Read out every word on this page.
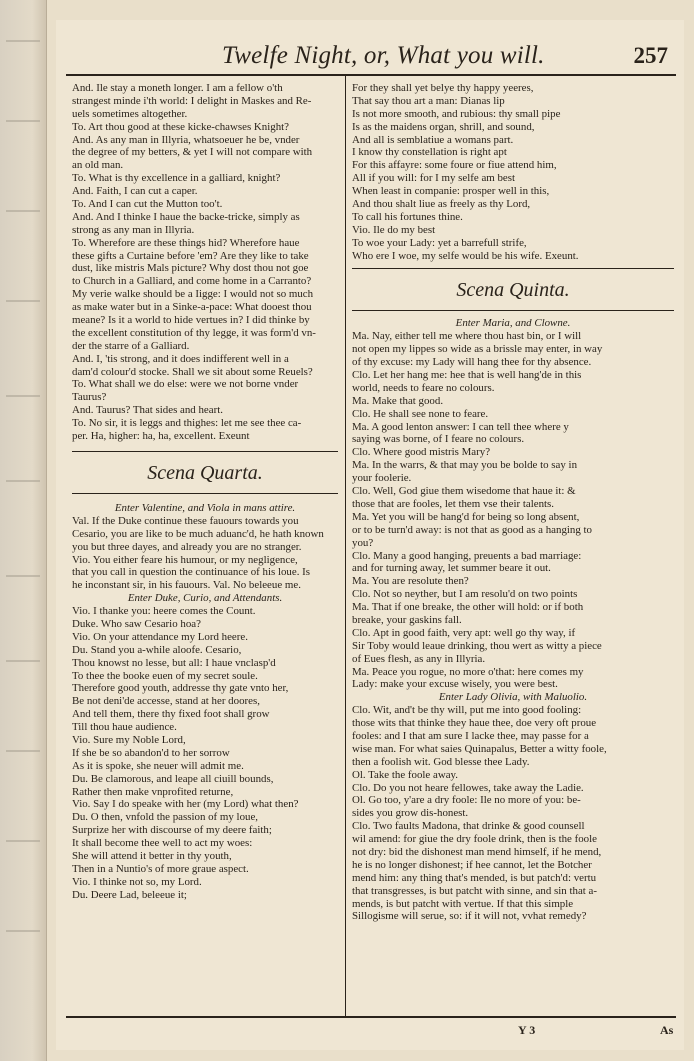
Twelfe Night, or, What you will.	257
And. Ile stay a moneth longer. I am a fellow o'th
strangest minde i'th world: I delight in Maskes and Re-
uels sometimes altogether.
To. Art thou good at these kicke-chawses Knight?
And. As any man in Illyria, whatsoeuer he be, vnder
the degree of my betters, & yet I will not compare with
an old man.
To. What is thy excellence in a galliard, knight?
And. Faith, I can cut a caper.
To. And I can cut the Mutton too't.
And. And I thinke I haue the backe-tricke, simply as
strong as any man in Illyria.
To. Wherefore are these things hid? Wherefore haue
these gifts a Curtaine before 'em? Are they like to take
dust, like mistris Mals picture? Why dost thou not goe
to Church in a Galliard, and come home in a Carranto?
My verie walke should be a Iigge: I would not so much
as make water but in a Sinke-a-pace: What dooest thou
meane? Is it a world to hide vertues in? I did thinke by
the excellent constitution of thy legge, it was form'd vn-
der the starre of a Galliard.
And. I, 'tis strong, and it does indifferent well in a
dam'd colour'd stocke. Shall we sit about some Reuels?
To. What shall we do else: were we not borne vnder
Taurus?
And. Taurus? That sides and heart.
To. No sir, it is leggs and thighes: let me see thee ca-
per. Ha, higher: ha, ha, excellent. Exeunt
Scena Quarta.
Enter Valentine, and Viola in mans attire.
Val. If the Duke continue these fauours towards you
Cesario, you are like to be much aduanc'd, he hath known
you but three dayes, and already you are no stranger.
Vio. You either feare his humour, or my negligence,
that you call in question the continuance of his loue. Is
he inconstant sir, in his fauours. Val. No beleeue me.
Enter Duke, Curio, and Attendants.
Vio. I thanke you: heere comes the Count.
Duke. Who saw Cesario hoa?
Vio. On your attendance my Lord heere.
Du. Stand you a-while aloofe. Cesario,
Thou knowst no lesse, but all: I haue vnclasp'd
To thee the booke euen of my secret soule.
Therefore good youth, addresse thy gate vnto her,
Be not deni'de accesse, stand at her doores,
And tell them, there thy fixed foot shall grow
Till thou haue audience.
Vio. Sure my Noble Lord,
If she be so abandon'd to her sorrow
As it is spoke, she neuer will admit me.
Du. Be clamorous, and leape all ciuill bounds,
Rather then make vnprofited returne,
Vio. Say I do speake with her (my Lord) what then?
Du. O then, vnfold the passion of my loue,
Surprize her with discourse of my deere faith;
It shall become thee well to act my woes:
She will attend it better in thy youth,
Then in a Nuntio's of more graue aspect.
Vio. I thinke not so, my Lord.
Du. Deere Lad, beleeue it;
For they shall yet belye thy happy yeeres,
That say thou art a man: Dianas lip
Is not more smooth, and rubious: thy small pipe
Is as the maidens organ, shrill, and sound,
And all is semblatiue a womans part.
I know thy constellation is right apt
For this affayre: some foure or fiue attend him,
All if you will: for I my selfe am best
When least in companie: prosper well in this,
And thou shalt liue as freely as thy Lord,
To call his fortunes thine.
Vio. Ile do my best
To woe your Lady: yet a barrefull strife,
Who ere I woe, my selfe would be his wife. Exeunt.
Scena Quinta.
Enter Maria, and Clowne.
Ma. Nay, either tell me where thou hast bin, or I will
not open my lippes so wide as a brissle may enter, in way
of thy excuse: my Lady will hang thee for thy absence.
Clo. Let her hang me: hee that is well hang'de in this
world, needs to feare no colours.
Ma. Make that good.
Clo. He shall see none to feare.
Ma. A good lenton answer: I can tell thee where y
saying was borne, of I feare no colours.
Clo. Where good mistris Mary?
Ma. In the warrs, & that may you be bolde to say in
your foolerie.
Clo. Well, God giue them wisedome that haue it: &
those that are fooles, let them vse their talents.
Ma. Yet you will be hang'd for being so long absent,
or to be turn'd away: is not that as good as a hanging to
you?
Clo. Many a good hanging, preuents a bad marriage:
and for turning away, let summer beare it out.
Ma. You are resolute then?
Clo. Not so neyther, but I am resolu'd on two points
Ma. That if one breake, the other will hold: or if both
breake, your gaskins fall.
Clo. Apt in good faith, very apt: well go thy way, if
Sir Toby would leaue drinking, thou wert as witty a piece
of Eues flesh, as any in Illyria.
Ma. Peace you rogue, no more o'that: here comes my
Lady: make your excuse wisely, you were best.
Enter Lady Olivia, with Maluolio.
Clo. Wit, and't be thy will, put me into good fooling:
those wits that thinke they haue thee, doe very oft proue
fooles: and I that am sure I lacke thee, may passe for a
wise man. For what saies Quinapalus, Better a witty foole,
then a foolish wit. God blesse thee Lady.
Ol. Take the foole away.
Clo. Do you not heare fellowes, take away the Ladie.
Ol. Go too, y'are a dry foole: Ile no more of you: be-
sides you grow dis-honest.
Clo. Two faults Madona, that drinke & good counsell
wil amend: for giue the dry foole drink, then is the foole
not dry: bid the dishonest man mend himself, if he mend,
he is no longer dishonest; if hee cannot, let the Botcher
mend him: any thing that's mended, is but patch'd: vertu
that transgresses, is but patcht with sinne, and sin that a-
mends, is but patcht with vertue. If that this simple
Sillogisme will serue, so: if it will not, vvhat remedy?
Y 3	As
